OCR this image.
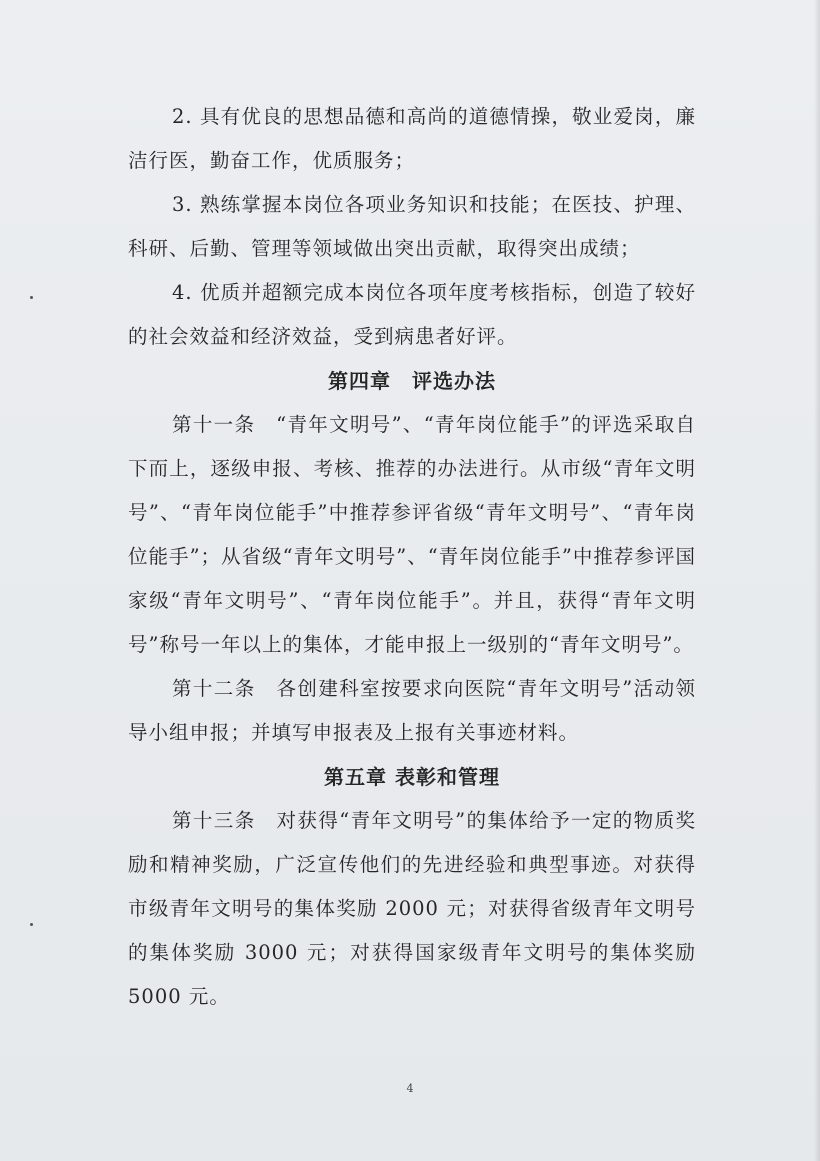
2. 具有优良的思想品德和高尚的道德情操，敬业爱岗，廉洁行医，勤奋工作，优质服务；

3. 熟练掌握本岗位各项业务知识和技能；在医技、护理、科研、后勤、管理等领域做出突出贡献，取得突出成绩；

4. 优质并超额完成本岗位各项年度考核指标，创造了较好的社会效益和经济效益，受到病患者好评。

第四章　评选办法

第十一条　“青年文明号”、“青年岗位能手”的评选采取自下而上，逐级申报、考核、推荐的办法进行。从市级“青年文明号”、“青年岗位能手”中推荐参评省级“青年文明号”、“青年岗位能手”；从省级“青年文明号”、“青年岗位能手”中推荐参评国家级“青年文明号”、“青年岗位能手”。并且，获得“青年文明号”称号一年以上的集体，才能申报上一级别的“青年文明号”。

第十二条　各创建科室按要求向医院“青年文明号”活动领导小组申报；并填写申报表及上报有关事迹材料。

第五章 表彰和管理

第十三条　对获得“青年文明号”的集体给予一定的物质奖励和精神奖励，广泛宣传他们的先进经验和典型事迹。对获得市级青年文明号的集体奖励 2000 元；对获得省级青年文明号的集体奖励 3000 元；对获得国家级青年文明号的集体奖励 5000 元。

4
